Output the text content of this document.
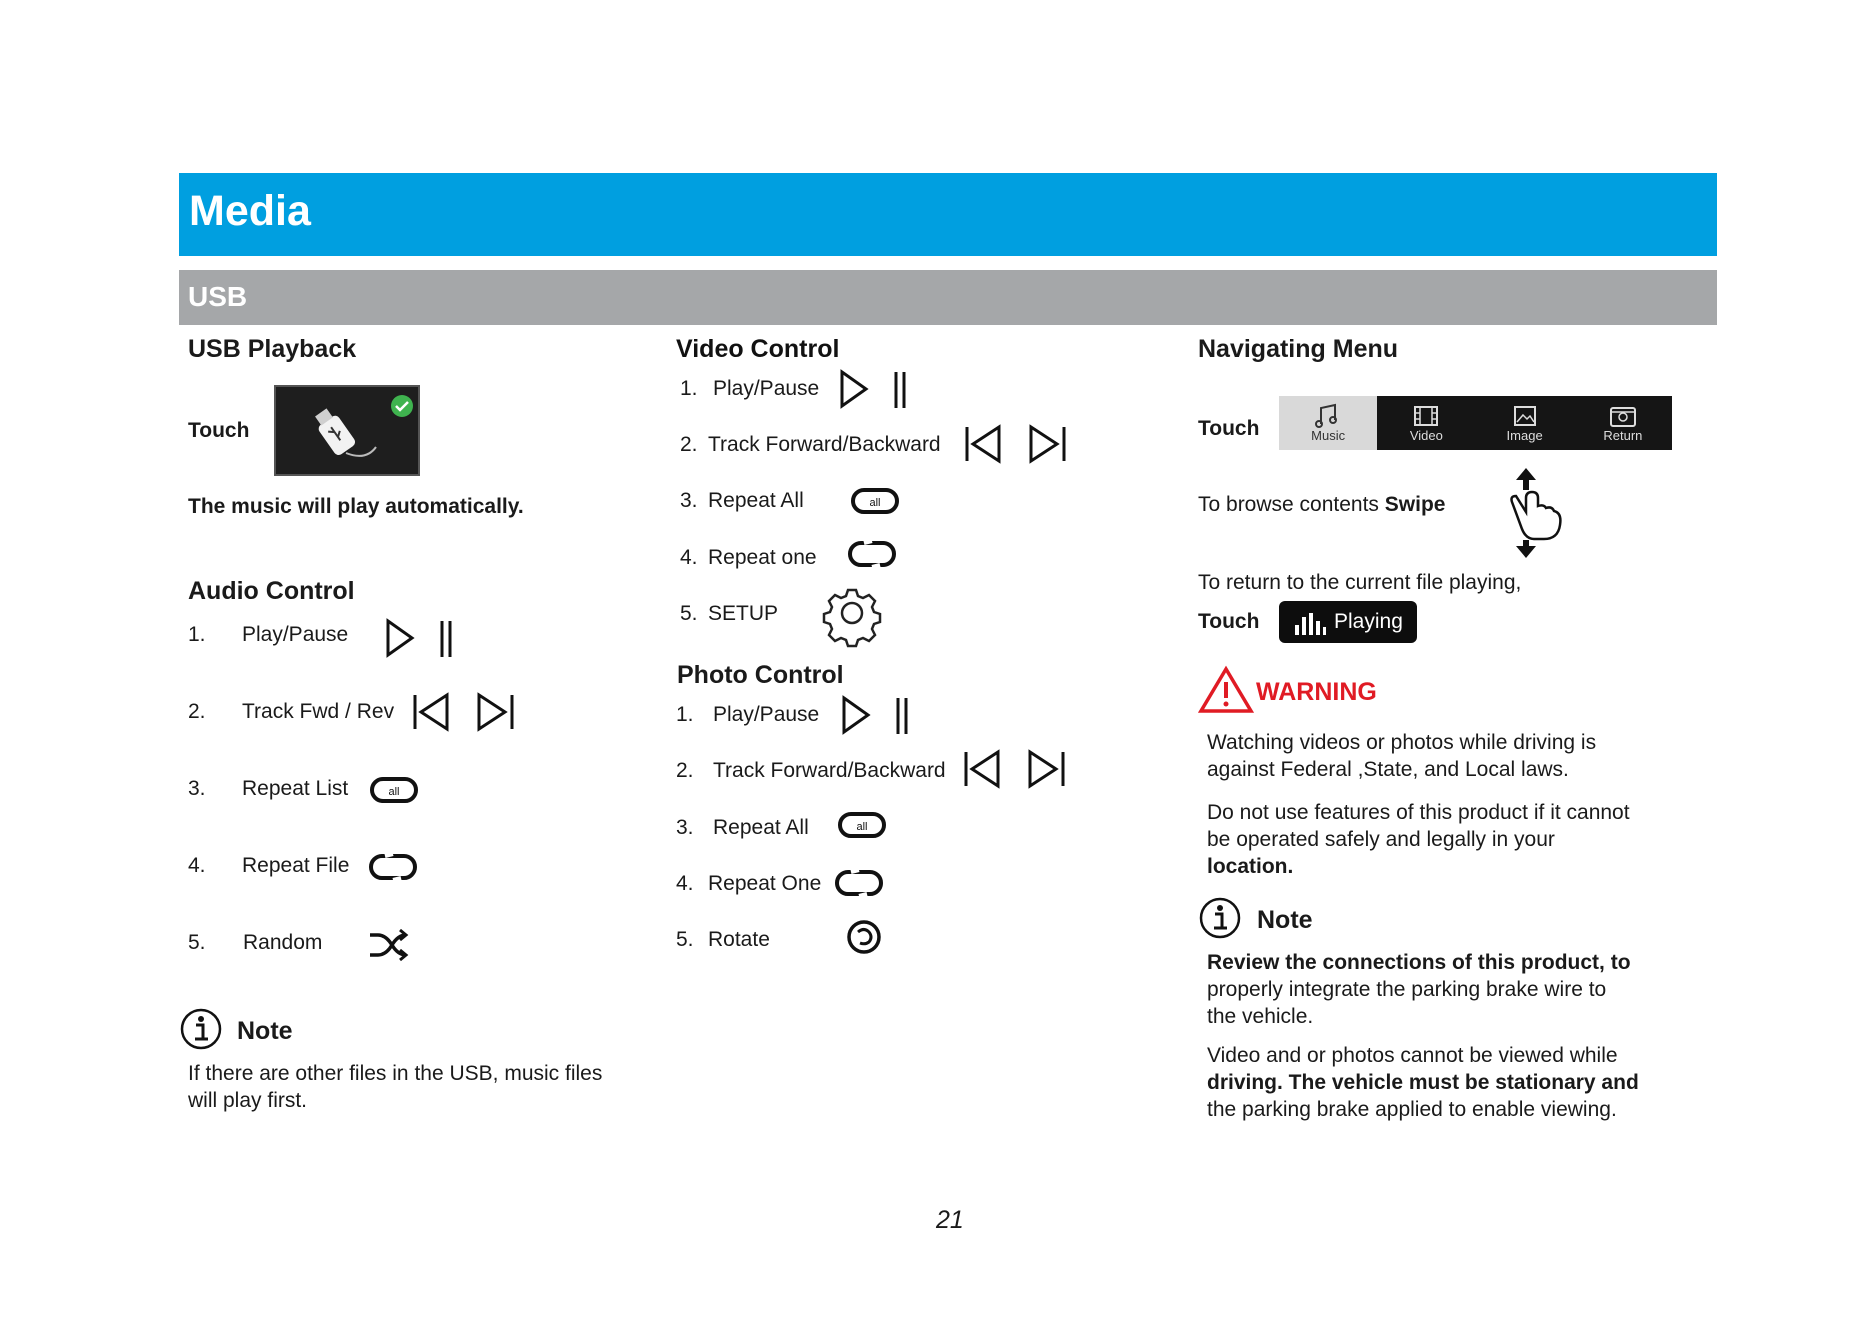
Media
USB
USB Playback
Touch
The music will play automatically.
Audio Control
1. Play/Pause
2. Track Fwd / Rev
3. Repeat List	all
4. Repeat File
5. Random
Note
If there are other files in the USB, music files
will play first.
Video Control
1. Play/Pause
2. Track Forward/Backward
3. Repeat All	all
4. Repeat one
5. SETUP
Photo Control
1. Play/Pause
2. Track Forward/Backward
3. Repeat All	all
4. Repeat One
5. Rotate
Navigating Menu
Touch	Music	Video	Image	Return
To browse contents Swipe
To return to the current file playing,
Touch	Playing
WARNING
Watching videos or photos while driving is
against Federal ,State, and Local laws.
Do not use features of this product if it cannot
be operated safely and legally in your
location.
Note
Review the connections of this product, to
properly integrate the parking brake wire to
the vehicle.
Video and or photos cannot be viewed while
driving. The vehicle must be stationary and
the parking brake applied to enable viewing.
21
